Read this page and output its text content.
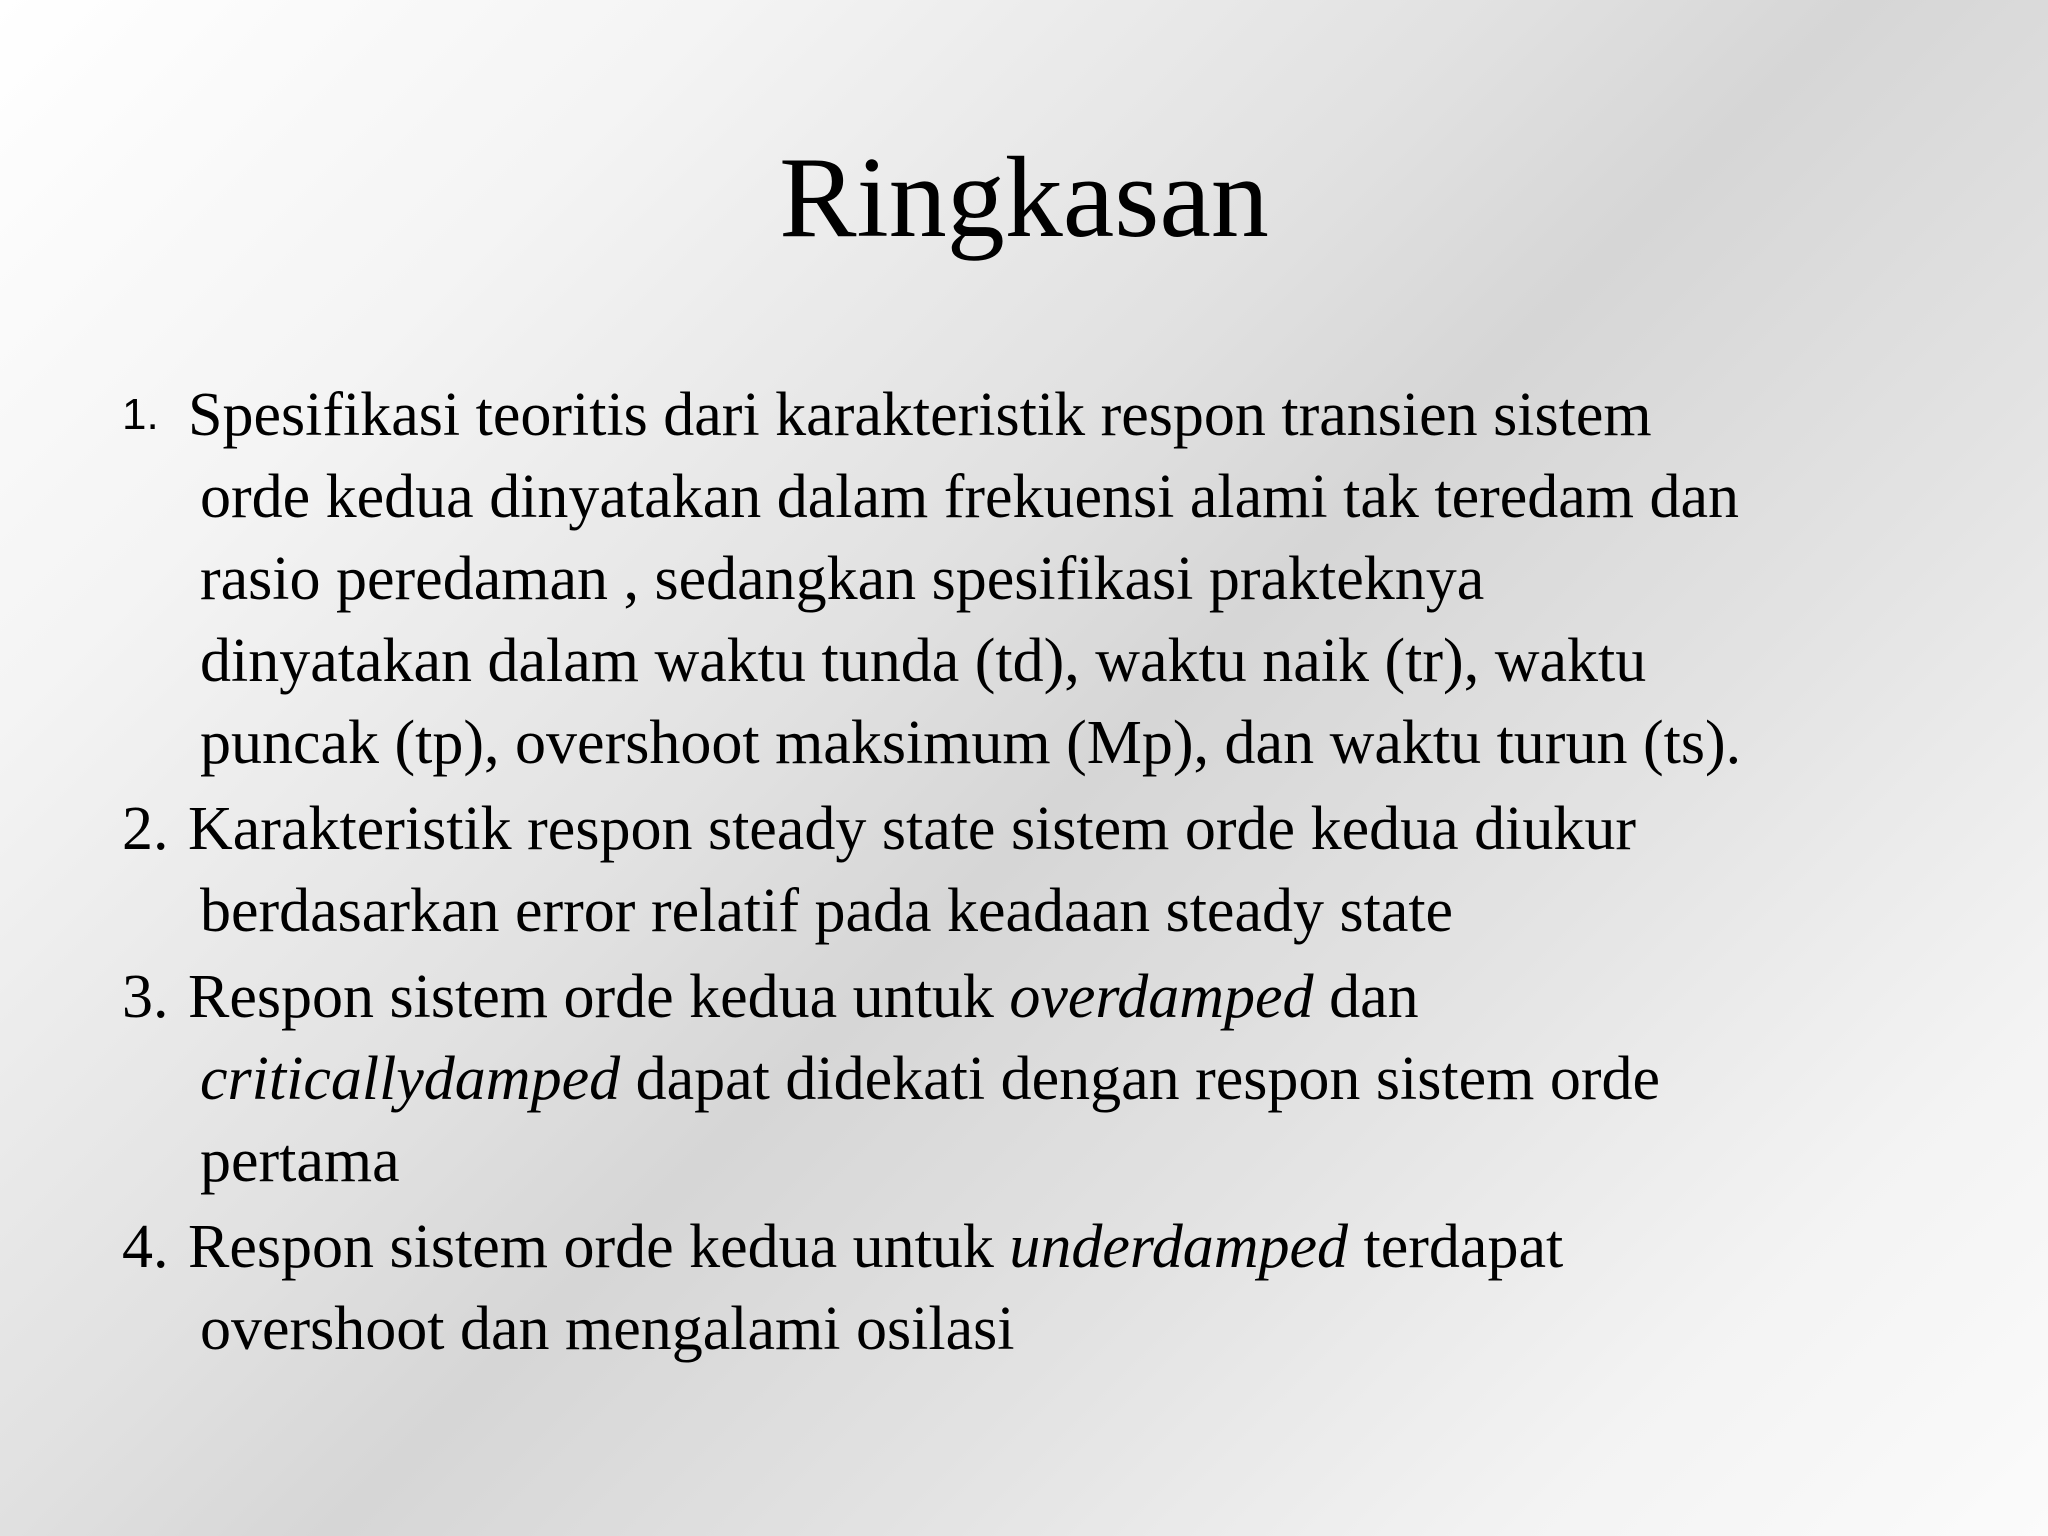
Ringkasan
1. Spesifikasi teoritis dari karakteristik respon transien sistem
orde kedua dinyatakan dalam frekuensi alami tak teredam dan
rasio peredaman , sedangkan spesifikasi prakteknya
dinyatakan dalam waktu tunda (td), waktu naik (tr), waktu
puncak (tp), overshoot maksimum (Mp), dan waktu turun (ts).
2. Karakteristik respon steady state sistem orde kedua diukur
berdasarkan error relatif pada keadaan steady state
3. Respon sistem orde kedua untuk overdamped dan
criticallydamped dapat didekati dengan respon sistem orde
pertama
4. Respon sistem orde kedua untuk underdamped terdapat
overshoot dan mengalami osilasi
